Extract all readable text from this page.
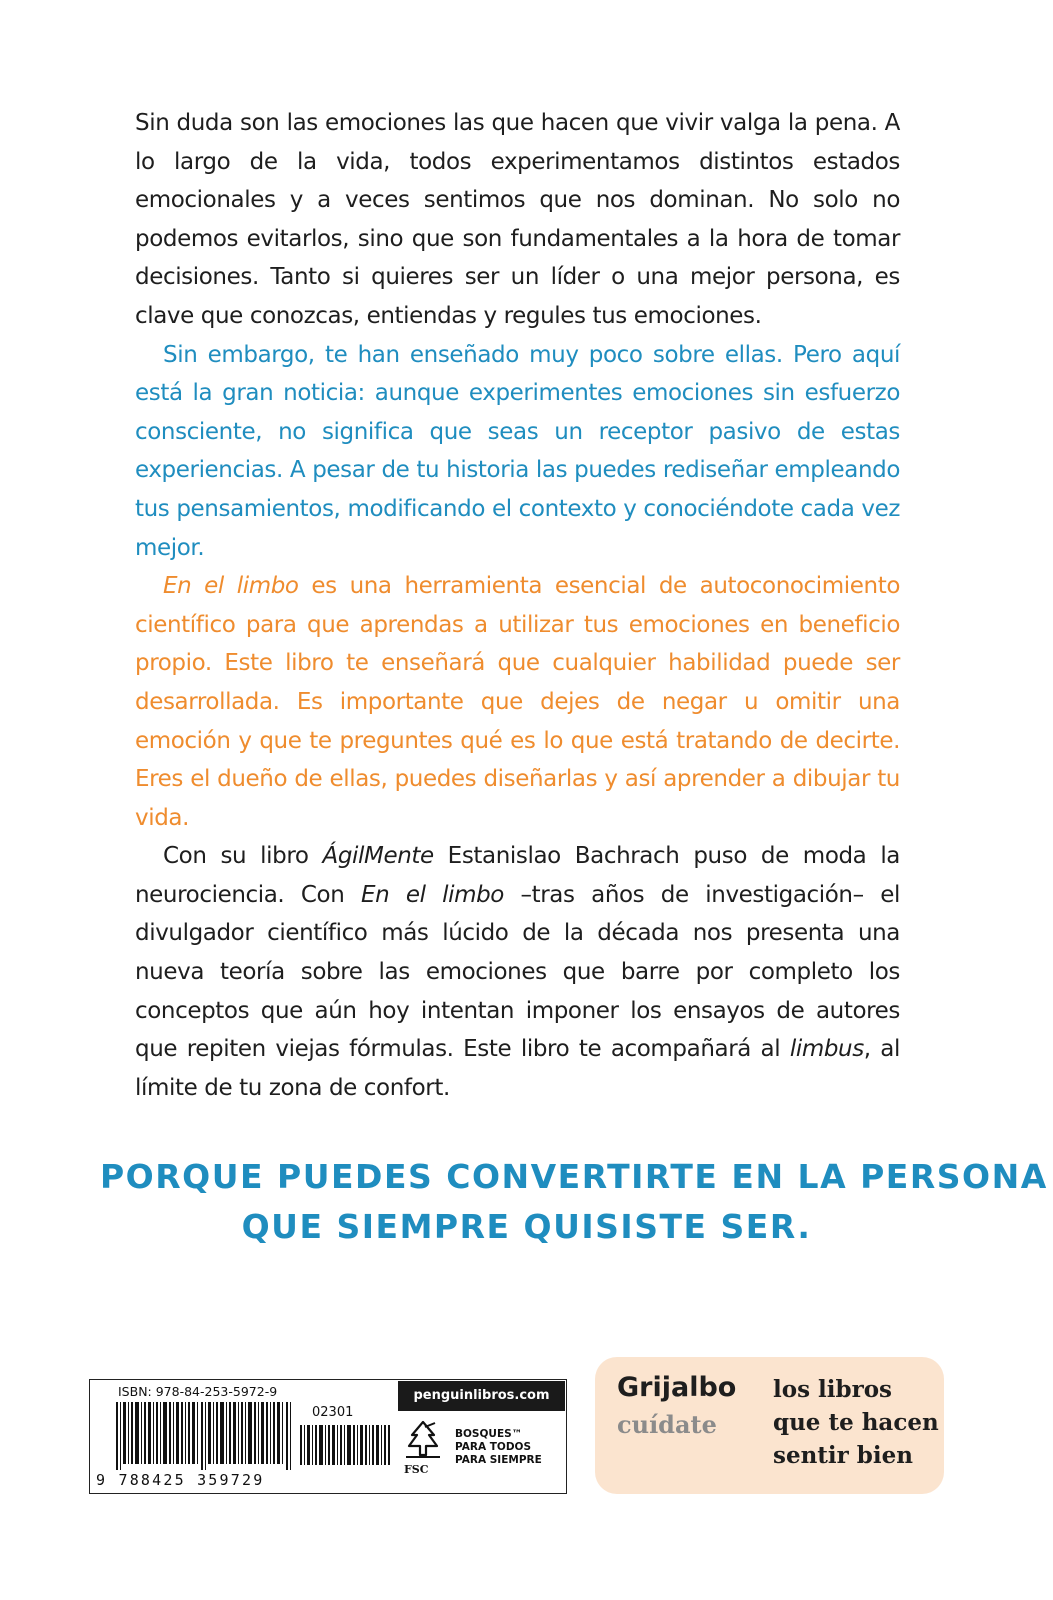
Sin duda son las emociones las que hacen que vivir valga la pena. A lo largo de la vida, todos experimentamos distintos estados emocionales y a veces sentimos que nos dominan. No solo no podemos evitarlos, sino que son fundamentales a la hora de tomar decisiones. Tanto si quieres ser un líder o una mejor persona, es clave que conozcas, entiendas y regules tus emociones.

Sin embargo, te han enseñado muy poco sobre ellas. Pero aquí está la gran noticia: aunque experimentes emociones sin esfuerzo consciente, no significa que seas un receptor pasivo de estas experiencias. A pesar de tu historia las puedes rediseñar empleando tus pensamientos, modificando el contexto y conociéndote cada vez mejor.

En el limbo es una herramienta esencial de autoconocimiento científico para que aprendas a utilizar tus emociones en beneficio propio. Este libro te enseñará que cualquier habilidad puede ser desarrollada. Es importante que dejes de negar u omitir una emoción y que te preguntes qué es lo que está tratando de decirte. Eres el dueño de ellas, puedes diseñarlas y así aprender a dibujar tu vida.

Con su libro ÁgilMente Estanislao Bachrach puso de moda la neurociencia. Con En el limbo –tras años de investigación– el divulgador científico más lúcido de la década nos presenta una nueva teoría sobre las emociones que barre por completo los conceptos que aún hoy intentan imponer los ensayos de autores que repiten viejas fórmulas. Este libro te acompañará al limbus, al límite de tu zona de confort.

PORQUE PUEDES CONVERTIRTE EN LA PERSONA
QUE SIEMPRE QUISISTE SER.
ISBN: 978-84-253-5972-9
02301
9 788425 359729
penguinlibros.com
FSC
BOSQUES™
PARA TODOS
PARA SIEMPRE
Grijalbo
cuídate
los libros
que te hacen
sentir bien
